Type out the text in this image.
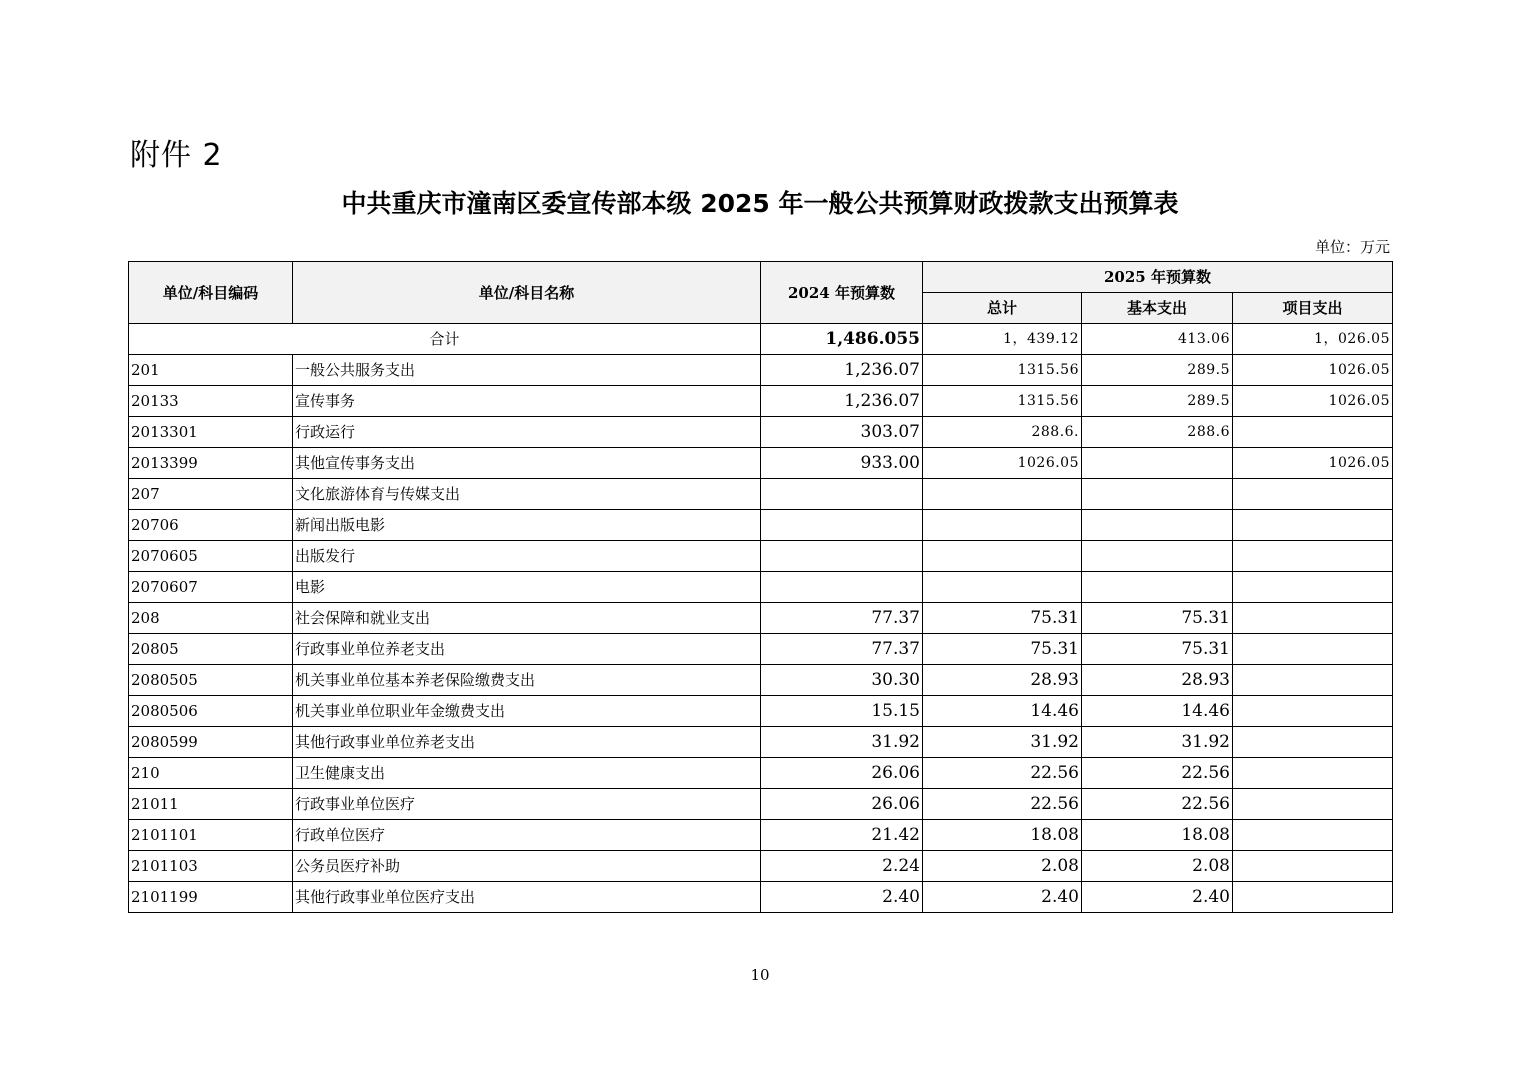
附件 2
中共重庆市潼南区委宣传部本级 2025 年一般公共预算财政拨款支出预算表
单位：万元
单位/科目编码	单位/科目名称	2024 年预算数	2025 年预算数		
			总计	基本支出	项目支出
合计		1,486.055	1，439.12	413.06	1，026.05
201	一般公共服务支出	1,236.07	1315.56	289.5	1026.05
20133	宣传事务	1,236.07	1315.56	289.5	1026.05
2013301	行政运行	303.07	288.6.	288.6	
2013399	其他宣传事务支出	933.00	1026.05		1026.05
207	文化旅游体育与传媒支出				
20706	新闻出版电影				
2070605	出版发行				
2070607	电影				
208	社会保障和就业支出	77.37	75.31	75.31	
20805	行政事业单位养老支出	77.37	75.31	75.31	
2080505	机关事业单位基本养老保险缴费支出	30.30	28.93	28.93	
2080506	机关事业单位职业年金缴费支出	15.15	14.46	14.46	
2080599	其他行政事业单位养老支出	31.92	31.92	31.92	
210	卫生健康支出	26.06	22.56	22.56	
21011	行政事业单位医疗	26.06	22.56	22.56	
2101101	行政单位医疗	21.42	18.08	18.08	
2101103	公务员医疗补助	2.24	2.08	2.08	
2101199	其他行政事业单位医疗支出	2.40	2.40	2.40	
10
